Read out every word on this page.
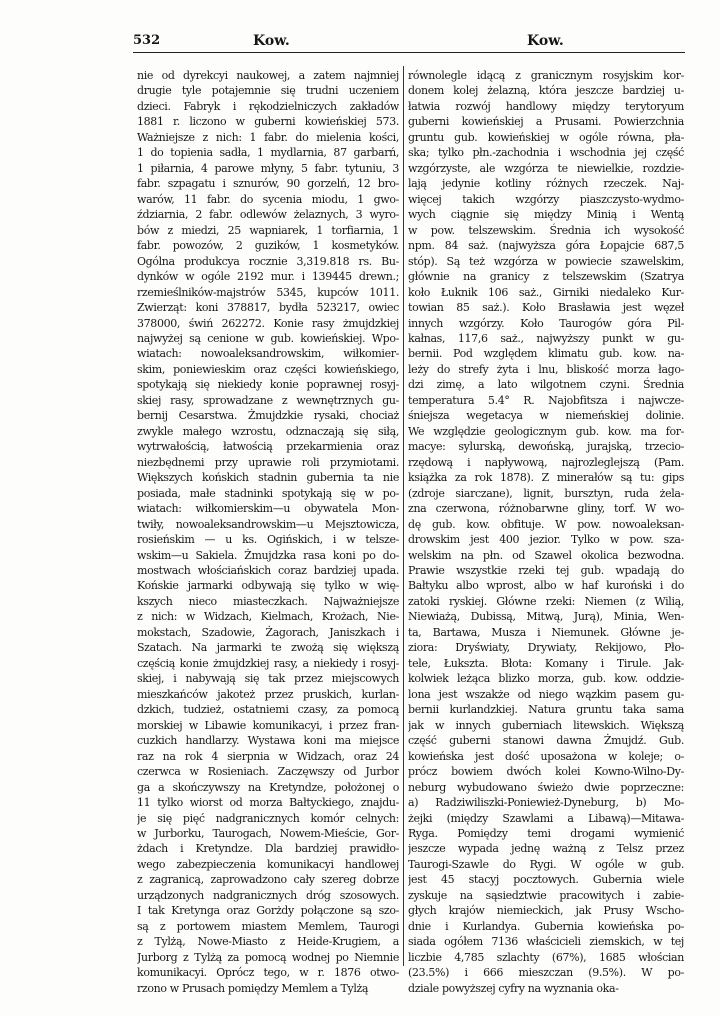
532	Kow.	Kow.
nie od dyrekcyi naukowej, a zatem najmniej
drugie tyle potajemnie się trudni uczeniem
dzieci. Fabryk i rękodzielniczych zakładów
1881 r. liczono w guberni kowieńskiej 573.
Ważniejsze z nich: 1 fabr. do mielenia kości,
1 do topienia sadła, 1 mydlarnia, 87 garbarń,
1 piłarnia, 4 parowe młyny, 5 fabr. tytuniu, 3
fabr. szpagatu i sznurów, 90 gorzelń, 12 bro-
warów, 11 fabr. do sycenia miodu, 1 gwo-
ździarnia, 2 fabr. odlewów żelaznych, 3 wyro-
bów z miedzi, 25 wapniarek, 1 torfiarnia, 1
fabr. powozów, 2 guzików, 1 kosmetyków.
Ogólna produkcya rocznie 3,319.818 rs. Bu-
dynków w ogóle 2192 mur. i 139445 drewn.;
rzemieślników-majstrów 5345, kupców 1011.
Zwierząt: koni 378817, bydła 523217, owiec
378000, świń 262272. Konie rasy żmujdzkiej
najwyżej są cenione w gub. kowieńskiej. Wpo-
wiatach: nowoaleksandrowskim, wiłkomier-
skim, poniewieskim oraz części kowieńskiego,
spotykają się niekiedy konie poprawnej rosyj-
skiej rasy, sprowadzane z wewnętrznych gu-
bernij Cesarstwa. Żmujdzkie rysaki, chociaż
zwykle małego wzrostu, odznaczają się siłą,
wytrwałością, łatwością przekarmienia oraz
niezbędnemi przy uprawie roli przymiotami.
Większych końskich stadnin gubernia ta nie
posiada, małe stadninki spotykają się w po-
wiatach: wiłkomierskim—u obywatela Mon-
twiły, nowoaleksandrowskim—u Mejsztowicza,
rosieńskim — u ks. Ogińskich, i w telsze-
wskim—u Sakiela. Żmujdzka rasa koni po do-
mostwach włościańskich coraz bardziej upada.
Końskie jarmarki odbywają się tylko w wię-
kszych nieco miasteczkach. Najważniejsze
z nich: w Widzach, Kielmach, Krożach, Nie-
mokstach, Szadowie, Żagorach, Janiszkach i
Szatach. Na jarmarki te zwożą się większą
częścią konie żmujdzkiej rasy, a niekiedy i rosyj-
skiej, i nabywają się tak przez miejscowych
mieszkańców jakoteż przez pruskich, kurlan-
dzkich, tudzież, ostatniemi czasy, za pomocą
morskiej w Libawie komunikacyi, i przez fran-
cuzkich handlarzy. Wystawa koni ma miejsce
raz na rok 4 sierpnia w Widzach, oraz 24
czerwca w Rosieniach. Zaczęwszy od Jurbor
ga a skończywszy na Kretyndze, położonej o
11 tylko wiorst od morza Bałtyckiego, znajdu-
je się pięć nadgranicznych komór celnych:
w Jurborku, Taurogach, Nowem-Mieście, Gor-
żdach i Kretyndze. Dla bardziej prawidło-
wego zabezpieczenia komunikacyi handlowej
z zagranicą, zaprowadzono cały szereg dobrze
urządzonych nadgranicznych dróg szosowych.
I tak Kretynga oraz Gorżdy połączone są szo-
są z portowem miastem Memlem, Taurogi
z Tylżą, Nowe-Miasto z Heide-Krugiem, a
Jurborg z Tylżą za pomocą wodnej po Niemnie
komunikacyi. Oprócz tego, w r. 1876 otwo-
rzono w Prusach pomiędzy Memlem a Tylżą
równolegle idącą z granicznym rosyjskim kor-
donem kolej żelazną, która jeszcze bardziej u-
łatwia rozwój handlowy między terytoryum
guberni kowieńskiej a Prusami. Powierzchnia
gruntu gub. kowieńskiej w ogóle równa, pła-
ska; tylko płn.-zachodnia i wschodnia jej część
wzgórzyste, ale wzgórza te niewielkie, rozdzie-
lają jedynie kotliny różnych rzeczek. Naj-
więcej takich wzgórzy piaszczysto-wydmo-
wych ciągnie się między Minią i Wentą
w pow. telszewskim. Średnia ich wysokość
npm. 84 saż. (najwyższa góra Łopajcie 687,5
stóp). Są też wzgórza w powiecie szawelskim,
głównie na granicy z telszewskim (Szatrya
koło Łuknik 106 saż., Girniki niedaleko Kur-
towian 85 saż.). Koło Brasławia jest węzeł
innych wzgórzy. Koło Taurogów góra Pil-
kałnas, 117,6 saż., najwyższy punkt w gu-
bernii. Pod względem klimatu gub. kow. na-
leży do strefy żyta i lnu, bliskość morza łago-
dzi zimę, a lato wilgotnem czyni. Średnia
temperatura 5.4° R. Najobfitsza i najwcze-
śniejsza wegetacya w niemeńskiej dolinie.
We względzie geologicznym gub. kow. ma for-
macye: sylurską, dewońską, jurajską, trzecio-
rzędową i napływową, najrozleglejszą (Pam.
książka za rok 1878). Z minerałów są tu: gips
(zdroje siarczane), lignit, bursztyn, ruda żela-
zna czerwona, różnobarwne gliny, torf. W wo-
dę gub. kow. obfituje. W pow. nowoaleksan-
drowskim jest 400 jezior. Tylko w pow. sza-
welskim na płn. od Szawel okolica bezwodna.
Prawie wszystkie rzeki tej gub. wpadają do
Bałtyku albo wprost, albo w haf kuroński i do
zatoki ryskiej. Główne rzeki: Niemen (z Wilią,
Niewiażą, Dubissą, Mitwą, Jurą), Minia, Wen-
ta, Bartawa, Musza i Niemunek. Główne je-
ziora: Dryświaty, Drywiaty, Rekijowo, Pło-
tele, Łukszta. Błota: Komany i Tirule. Jak-
kolwiek leżąca blizko morza, gub. kow. oddzie-
lona jest wszakże od niego wązkim pasem gu-
bernii kurlandzkiej. Natura gruntu taka sama
jak w innych guberniach litewskich. Większą
część guberni stanowi dawna Żmujdź. Gub.
kowieńska jest dość uposażona w koleje; o-
prócz bowiem dwóch kolei Kowno-Wilno-Dy-
neburg wybudowano świeżo dwie poprzeczne:
a) Radziwiliszki-Poniewież-Dyneburg, b) Mo-
żejki (między Szawlami a Libawą)—Mitawa-
Ryga. Pomiędzy temi drogami wymienić
jeszcze wypada jednę ważną z Telsz przez
Taurogi-Szawle do Rygi. W ogóle w gub.
jest 45 stacyj pocztowych. Gubernia wiele
zyskuje na sąsiedztwie pracowitych i zabie-
głych krajów niemieckich, jak Prusy Wscho-
dnie i Kurlandya. Gubernia kowieńska po-
siada ogółem 7136 właścicieli ziemskich, w tej
liczbie 4,785 szlachty (67%), 1685 włościan
(23.5%) i 666 mieszczan (9.5%). W po-
dziale powyższej cyfry na wyznania oka-
